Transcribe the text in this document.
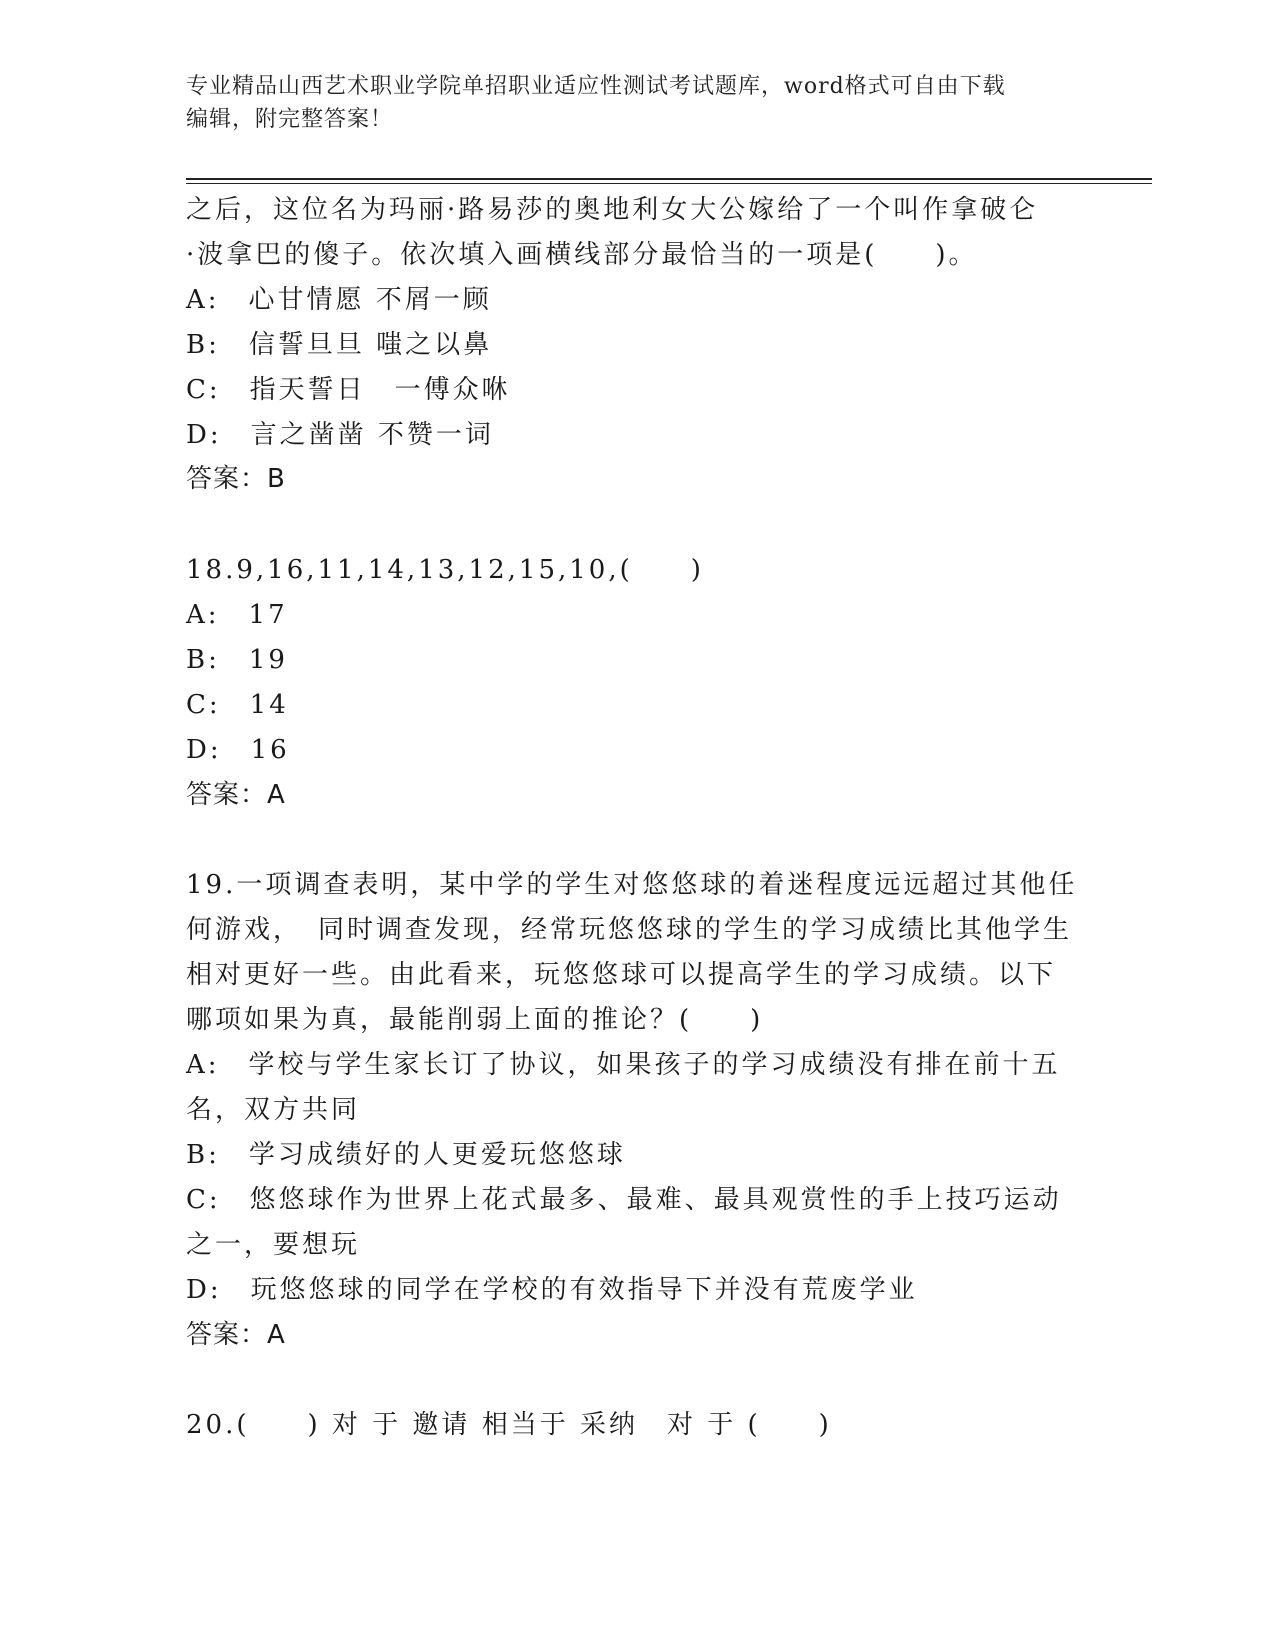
专业精品山西艺术职业学院单招职业适应性测试考试题库，word格式可自由下载
编辑，附完整答案！
之后，这位名为玛丽·路易莎的奥地利女大公嫁给了一个叫作拿破仑
·波拿巴的傻子。依次填入画横线部分最恰当的一项是(　　)。
A:　心甘情愿 不屑一顾
B:　信誓旦旦 嗤之以鼻
C:　指天誓日　一傅众咻
D:　言之凿凿 不赞一词
答案：B
18.9,16,11,14,13,12,15,10,(　　)
A:　17
B:　19
C:　14
D:　16
答案：A
19.一项调查表明，某中学的学生对悠悠球的着迷程度远远超过其他任
何游戏，　同时调查发现，经常玩悠悠球的学生的学习成绩比其他学生
相对更好一些。由此看来，玩悠悠球可以提高学生的学习成绩。以下
哪项如果为真，最能削弱上面的推论？(　　)
A:　学校与学生家长订了协议，如果孩子的学习成绩没有排在前十五
名，双方共同
B:　学习成绩好的人更爱玩悠悠球
C:　悠悠球作为世界上花式最多、最难、最具观赏性的手上技巧运动
之一，要想玩
D:　玩悠悠球的同学在学校的有效指导下并没有荒废学业
答案：A
20.(　　) 对 于 邀请 相当于 采纳　对 于 (　　)
